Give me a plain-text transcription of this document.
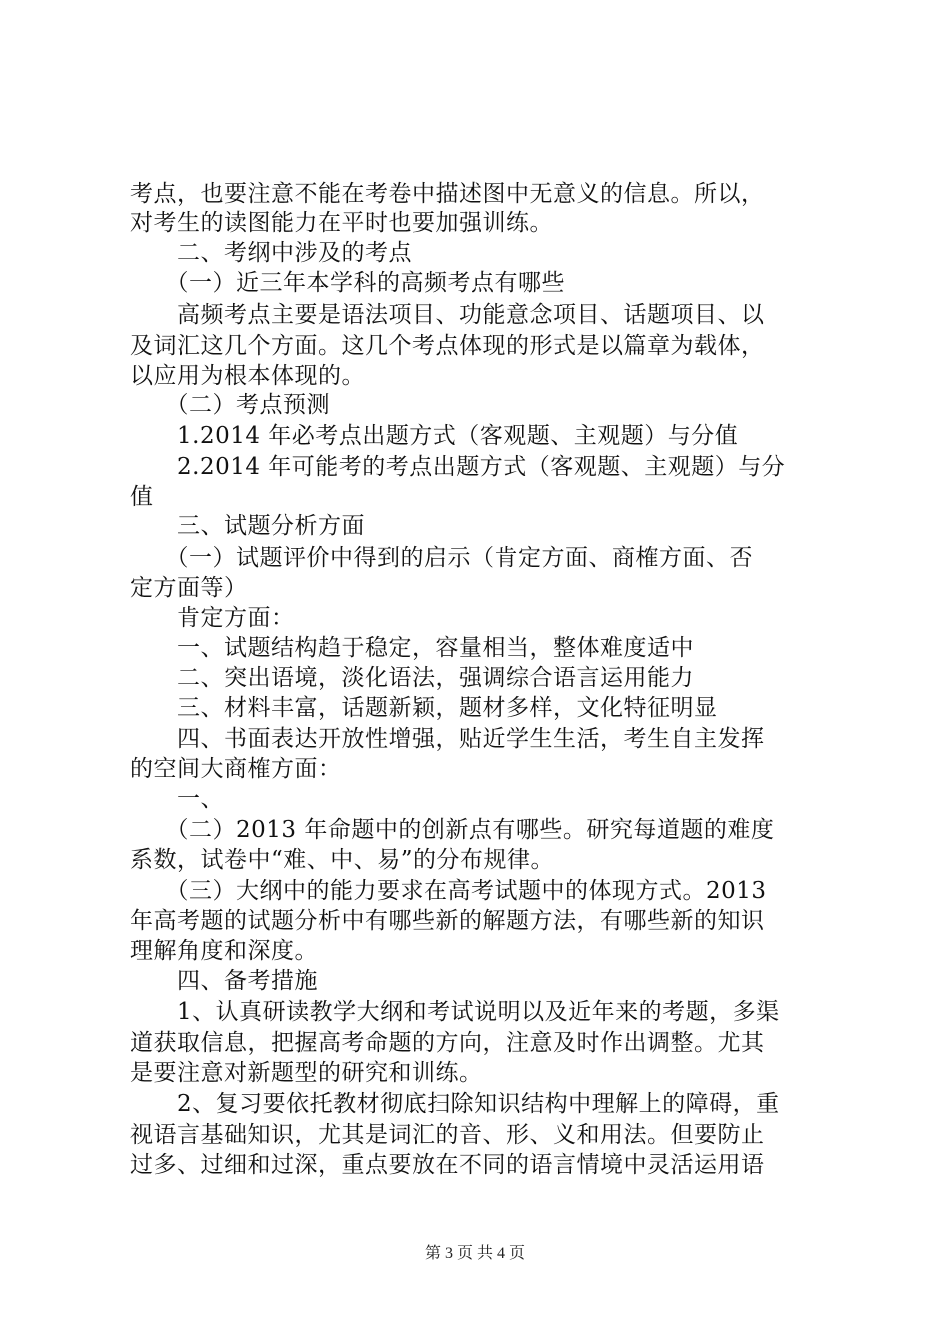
考点，也要注意不能在考卷中描述图中无意义的信息。所以，
对考生的读图能力在平时也要加强训练。
　　二、考纲中涉及的考点
　　（一）近三年本学科的高频考点有哪些
　　高频考点主要是语法项目、功能意念项目、话题项目、以
及词汇这几个方面。这几个考点体现的形式是以篇章为载体，
以应用为根本体现的。
　　（二）考点预测
　　1.2014 年必考点出题方式（客观题、主观题）与分值
　　2.2014 年可能考的考点出题方式（客观题、主观题）与分
值
　　三、试题分析方面
　　（一）试题评价中得到的启示（肯定方面、商榷方面、否
定方面等）
　　肯定方面：
　　一、试题结构趋于稳定，容量相当，整体难度适中
　　二、突出语境，淡化语法，强调综合语言运用能力
　　三、材料丰富，话题新颖，题材多样，文化特征明显
　　四、书面表达开放性增强，贴近学生生活，考生自主发挥
的空间大商榷方面：
　　一、
　　（二）2013 年命题中的创新点有哪些。研究每道题的难度
系数，试卷中“难、中、易”的分布规律。
　　（三）大纲中的能力要求在高考试题中的体现方式。2013
年高考题的试题分析中有哪些新的解题方法，有哪些新的知识
理解角度和深度。
　　四、备考措施
　　1、认真研读教学大纲和考试说明以及近年来的考题，多渠
道获取信息，把握高考命题的方向，注意及时作出调整。尤其
是要注意对新题型的研究和训练。
　　2、复习要依托教材彻底扫除知识结构中理解上的障碍，重
视语言基础知识，尤其是词汇的音、形、义和用法。但要防止
过多、过细和过深，重点要放在不同的语言情境中灵活运用语
第 3 页 共 4 页
